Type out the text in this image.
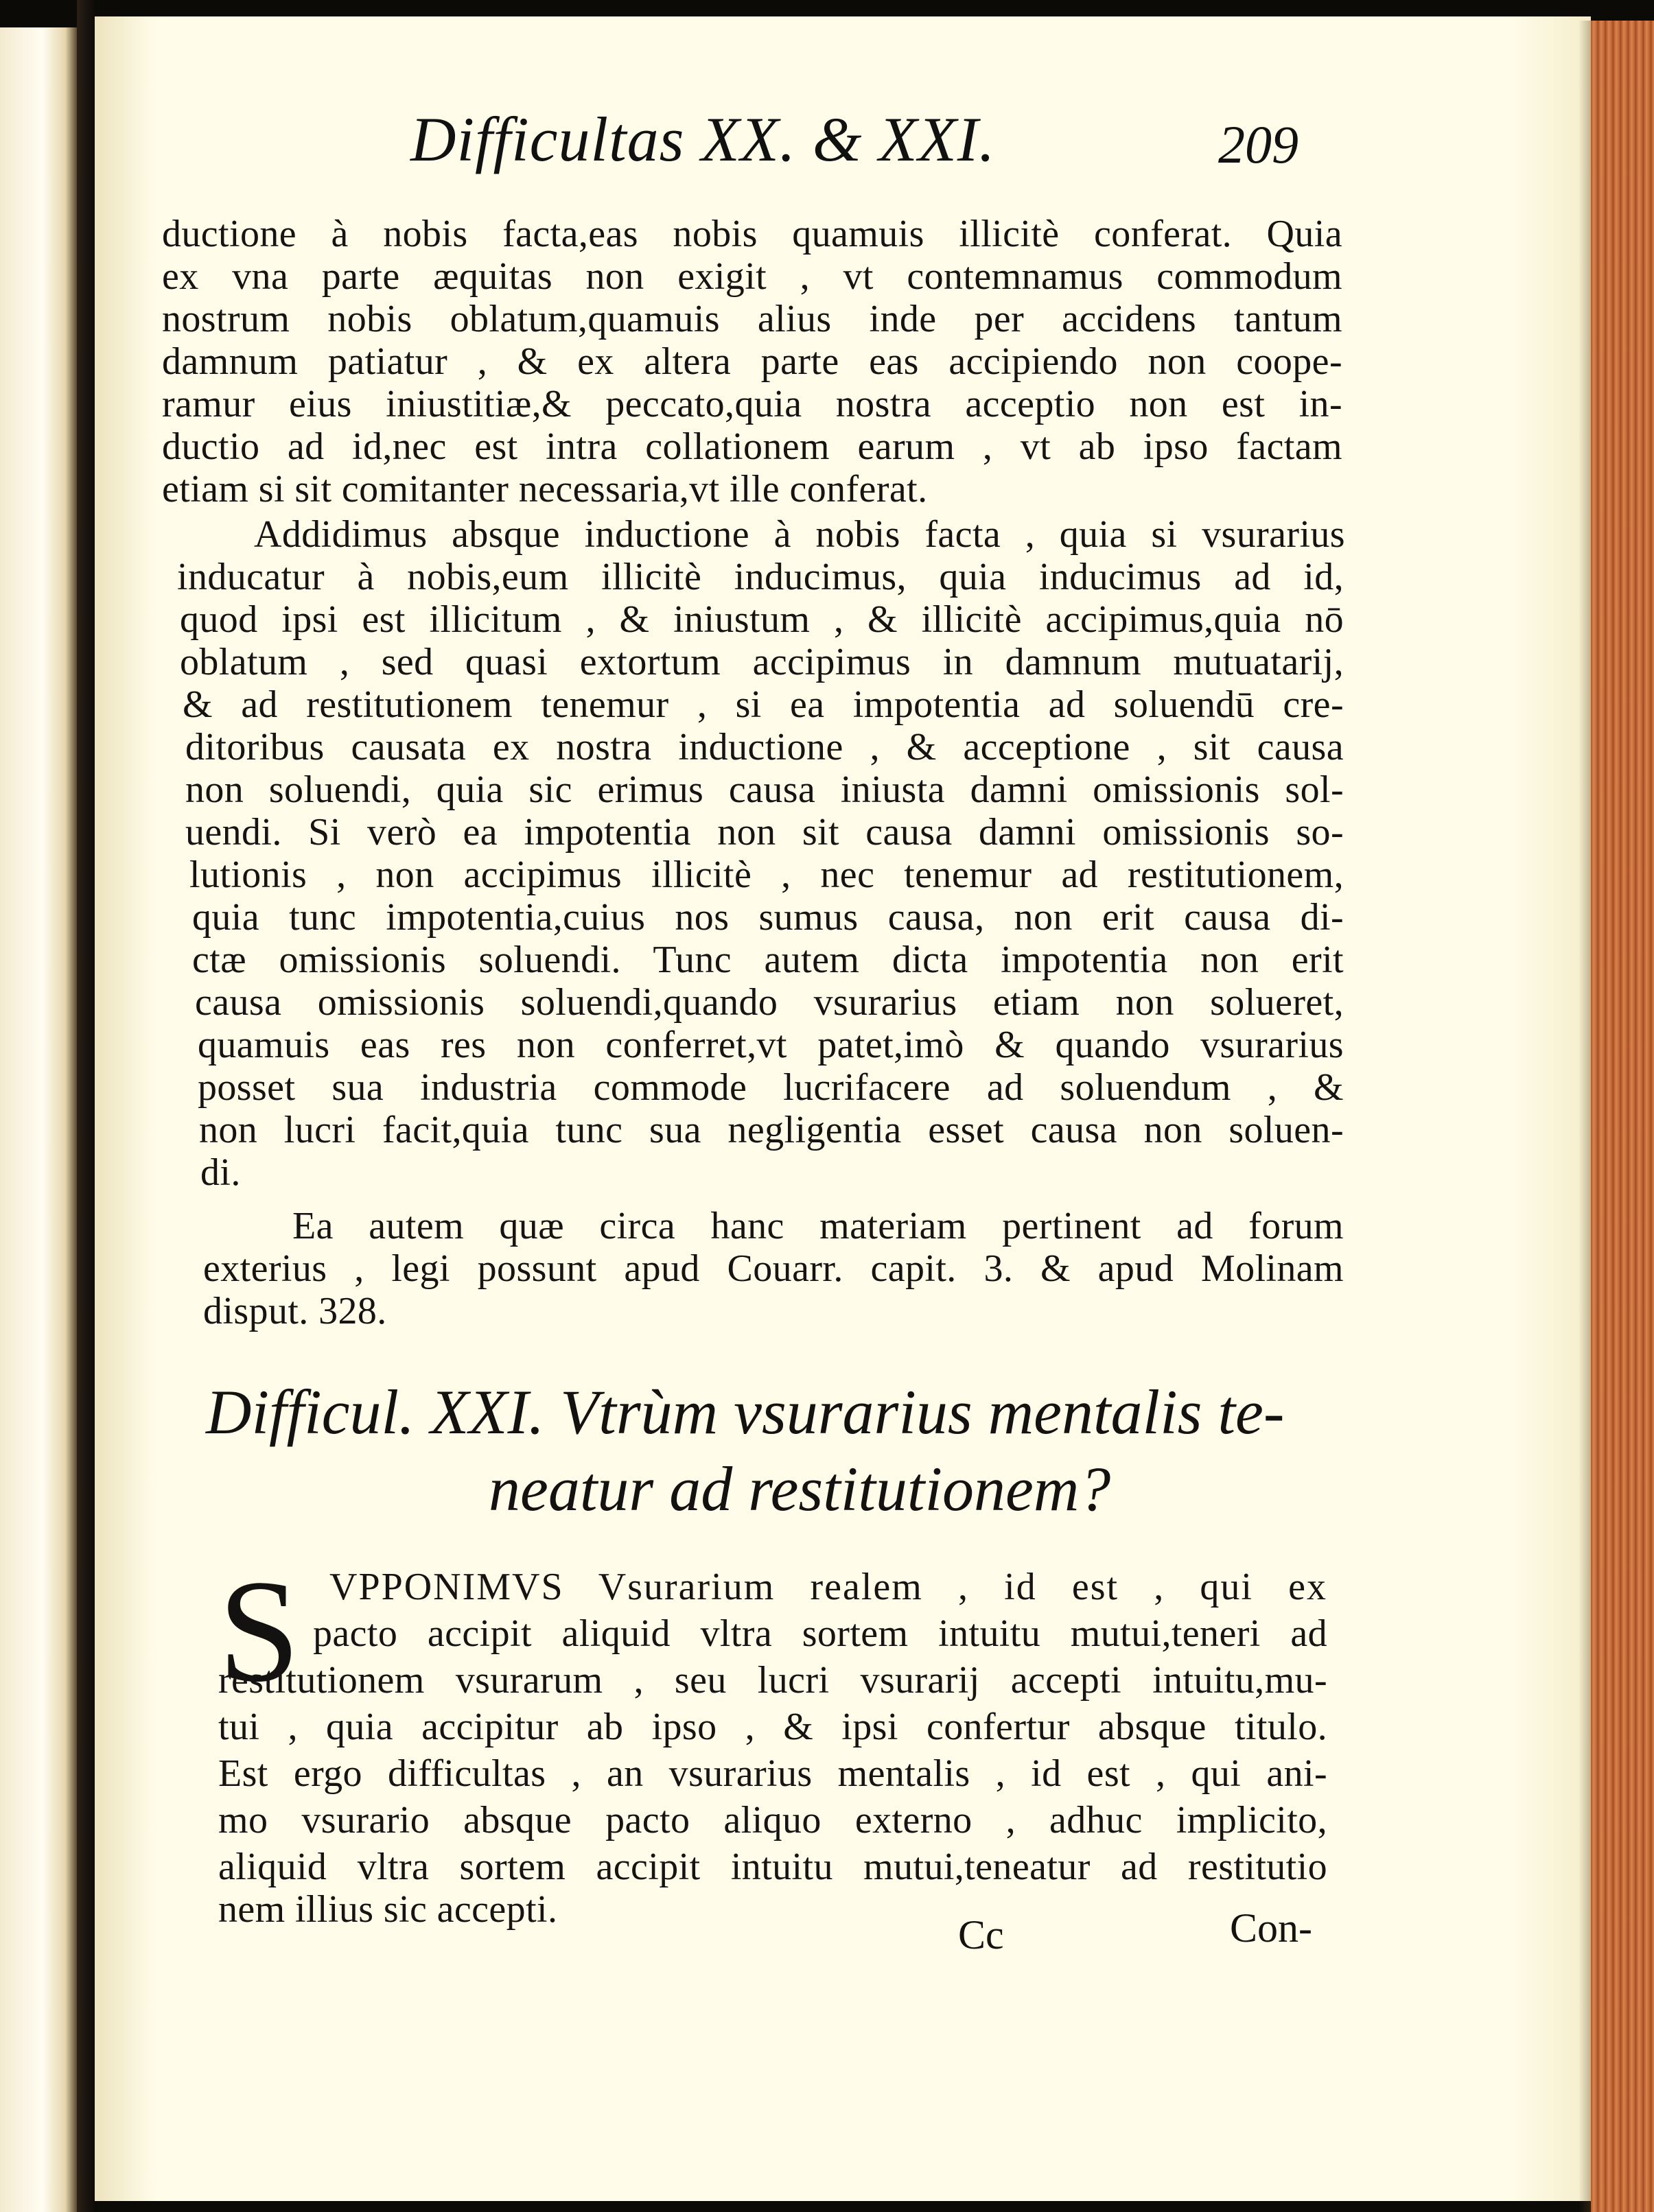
Difficultas XX. & XXI.	209
ductione à nobis facta,eas nobis quamuis illicitè conferat. Quia
ex vna parte æquitas non exigit , vt contemnamus commodum
nostrum nobis oblatum,quamuis alius inde per accidens tantum
damnum patiatur , & ex altera parte eas accipiendo non coope-
ramur eius iniustitiæ,& peccato,quia nostra acceptio non est in-
ductio ad id,nec est intra collationem earum , vt ab ipso factam
etiam si sit comitanter necessaria,vt ille conferat.
Addidimus absque inductione à nobis facta , quia si vsurarius
inducatur à nobis,eum illicitè inducimus, quia inducimus ad id,
quod ipsi est illicitum , & iniustum , & illicitè accipimus,quia nō
oblatum , sed quasi extortum accipimus in damnum mutuatarij,
& ad restitutionem tenemur , si ea impotentia ad soluendū cre-
ditoribus causata ex nostra inductione , & acceptione , sit causa
non soluendi, quia sic erimus causa iniusta damni omissionis sol-
uendi. Si verò ea impotentia non sit causa damni omissionis so-
lutionis , non accipimus illicitè , nec tenemur ad restitutionem,
quia tunc impotentia,cuius nos sumus causa, non erit causa di-
ctæ omissionis soluendi. Tunc autem dicta impotentia non erit
causa omissionis soluendi,quando vsurarius etiam non solueret,
quamuis eas res non conferret,vt patet,imò & quando vsurarius
posset sua industria commode lucrifacere ad soluendum , &
non lucri facit,quia tunc sua negligentia esset causa non soluen-
di.
Ea autem quæ circa hanc materiam pertinent ad forum
exterius , legi possunt apud Couarr. capit. 3. & apud Molinam
disput. 328.
Difficul. XXI. Vtrùm vsurarius mentalis te-
neatur ad restitutionem?
S VPPONIMVS Vsurarium realem , id est , qui ex
pacto accipit aliquid vltra sortem intuitu mutui,teneri ad
restitutionem vsurarum , seu lucri vsurarij accepti intuitu,mu-
tui , quia accipitur ab ipso , & ipsi confertur absque titulo.
Est ergo difficultas , an vsurarius mentalis , id est , qui ani-
mo vsurario absque pacto aliquo externo , adhuc implicito,
aliquid vltra sortem accipit intuitu mutui,teneatur ad restitutio
nem illius sic accepti.
Cc	Con-
